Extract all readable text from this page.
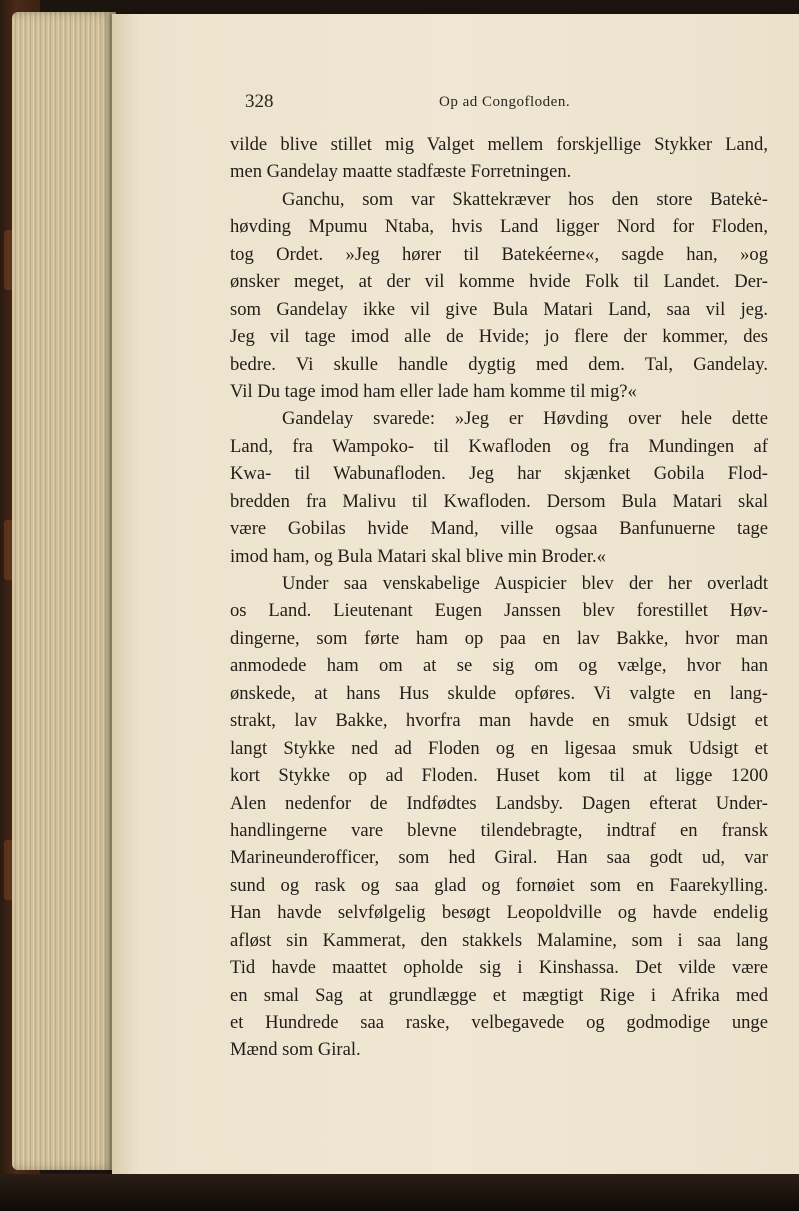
328	Op ad Congofloden.
vilde blive stillet mig Valget mellem forskjellige Stykker Land,
men Gandelay maatte stadfæste Forretningen.
Ganchu, som var Skattekræver hos den store Batekė-
høvding Mpumu Ntaba, hvis Land ligger Nord for Floden,
tog Ordet. »Jeg hører til Batekéerne«, sagde han, »og
ønsker meget, at der vil komme hvide Folk til Landet. Der-
som Gandelay ikke vil give Bula Matari Land, saa vil jeg.
Jeg vil tage imod alle de Hvide; jo flere der kommer, des
bedre. Vi skulle handle dygtig med dem. Tal, Gandelay.
Vil Du tage imod ham eller lade ham komme til mig?«
Gandelay svarede: »Jeg er Høvding over hele dette
Land, fra Wampoko- til Kwafloden og fra Mundingen af
Kwa- til Wabunafloden. Jeg har skjænket Gobila Flod-
bredden fra Malivu til Kwafloden. Dersom Bula Matari skal
være Gobilas hvide Mand, ville ogsaa Banfunuerne tage
imod ham, og Bula Matari skal blive min Broder.«
Under saa venskabelige Auspicier blev der her overladt
os Land. Lieutenant Eugen Janssen blev forestillet Høv-
dingerne, som førte ham op paa en lav Bakke, hvor man
anmodede ham om at se sig om og vælge, hvor han
ønskede, at hans Hus skulde opføres. Vi valgte en lang-
strakt, lav Bakke, hvorfra man havde en smuk Udsigt et
langt Stykke ned ad Floden og en ligesaa smuk Udsigt et
kort Stykke op ad Floden. Huset kom til at ligge 1200
Alen nedenfor de Indfødtes Landsby. Dagen efterat Under-
handlingerne vare blevne tilendebragte, indtraf en fransk
Marineunderofficer, som hed Giral. Han saa godt ud, var
sund og rask og saa glad og fornøiet som en Faarekylling.
Han havde selvfølgelig besøgt Leopoldville og havde endelig
afløst sin Kammerat, den stakkels Malamine, som i saa lang
Tid havde maattet opholde sig i Kinshassa. Det vilde være
en smal Sag at grundlægge et mægtigt Rige i Afrika med
et Hundrede saa raske, velbegavede og godmodige unge
Mænd som Giral.
